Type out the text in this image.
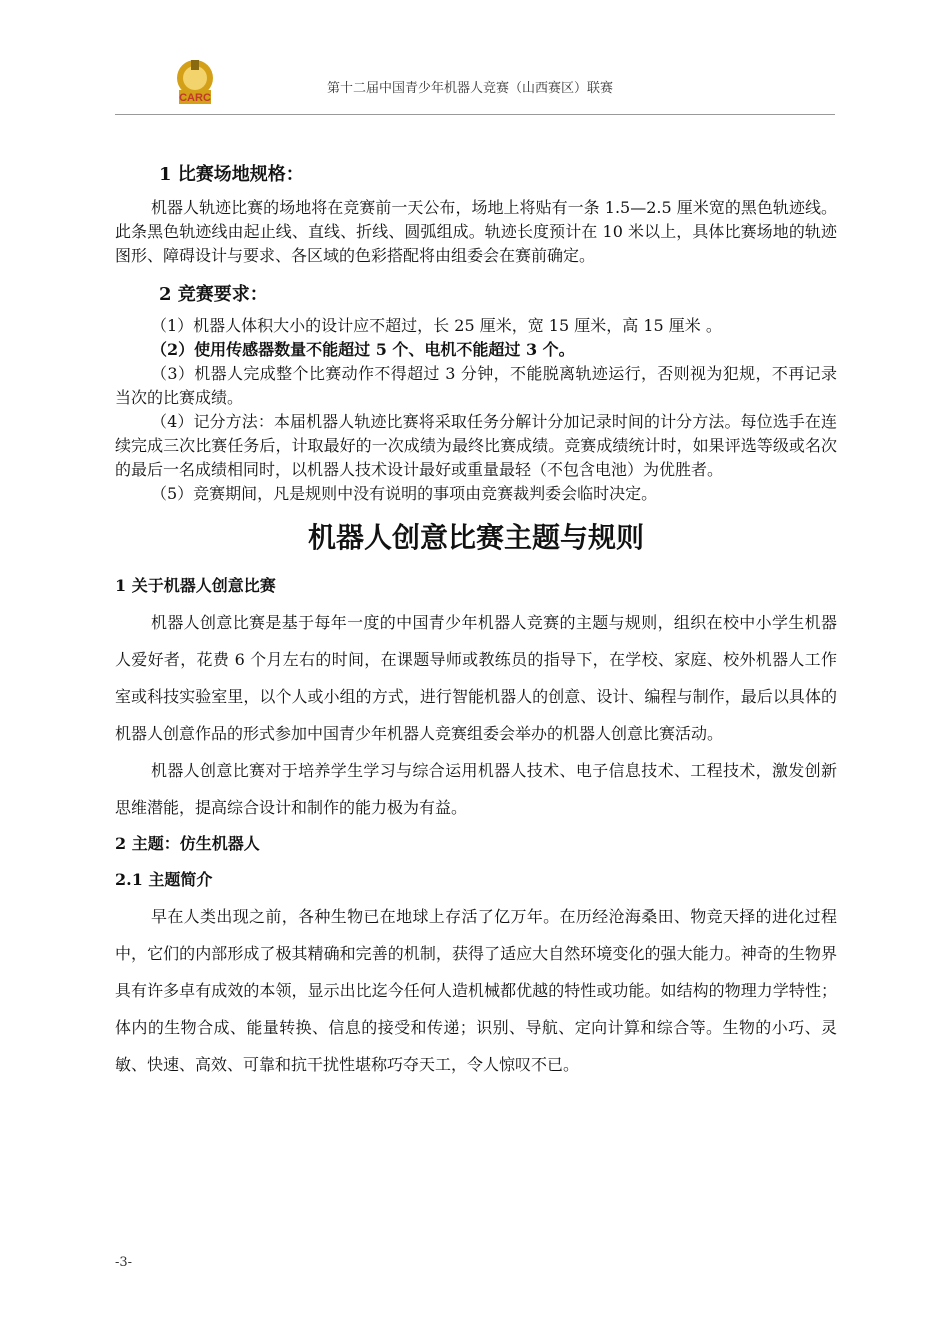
CARC
第十二届中国青少年机器人竞赛（山西赛区）联赛

1 比赛场地规格：

机器人轨迹比赛的场地将在竞赛前一天公布，场地上将贴有一条 1.5—2.5 厘米宽的黑色轨迹线。此条黑色轨迹线由起止线、直线、折线、圆弧组成。轨迹长度预计在 10 米以上，具体比赛场地的轨迹图形、障碍设计与要求、各区域的色彩搭配将由组委会在赛前确定。

2 竞赛要求：

（1）机器人体积大小的设计应不超过，长 25 厘米，宽 15 厘米，高 15 厘米 。

（2）使用传感器数量不能超过 5 个、电机不能超过 3 个。

（3）机器人完成整个比赛动作不得超过 3 分钟，不能脱离轨迹运行，否则视为犯规，不再记录当次的比赛成绩。

（4）记分方法：本届机器人轨迹比赛将采取任务分解计分加记录时间的计分方法。每位选手在连续完成三次比赛任务后，计取最好的一次成绩为最终比赛成绩。竞赛成绩统计时，如果评选等级或名次的最后一名成绩相同时，以机器人技术设计最好或重量最轻（不包含电池）为优胜者。

（5）竞赛期间，凡是规则中没有说明的事项由竞赛裁判委会临时决定。

机器人创意比赛主题与规则

1 关于机器人创意比赛

机器人创意比赛是基于每年一度的中国青少年机器人竞赛的主题与规则，组织在校中小学生机器人爱好者，花费 6 个月左右的时间，在课题导师或教练员的指导下，在学校、家庭、校外机器人工作室或科技实验室里，以个人或小组的方式，进行智能机器人的创意、设计、编程与制作，最后以具体的机器人创意作品的形式参加中国青少年机器人竞赛组委会举办的机器人创意比赛活动。

机器人创意比赛对于培养学生学习与综合运用机器人技术、电子信息技术、工程技术，激发创新思维潜能，提高综合设计和制作的能力极为有益。

2 主题：仿生机器人

2.1 主题简介

早在人类出现之前，各种生物已在地球上存活了亿万年。在历经沧海桑田、物竞天择的进化过程中，它们的内部形成了极其精确和完善的机制，获得了适应大自然环境变化的强大能力。神奇的生物界具有许多卓有成效的本领，显示出比迄今任何人造机械都优越的特性或功能。如结构的物理力学特性；体内的生物合成、能量转换、信息的接受和传递；识别、导航、定向计算和综合等。生物的小巧、灵敏、快速、高效、可靠和抗干扰性堪称巧夺天工，令人惊叹不已。

-3-
